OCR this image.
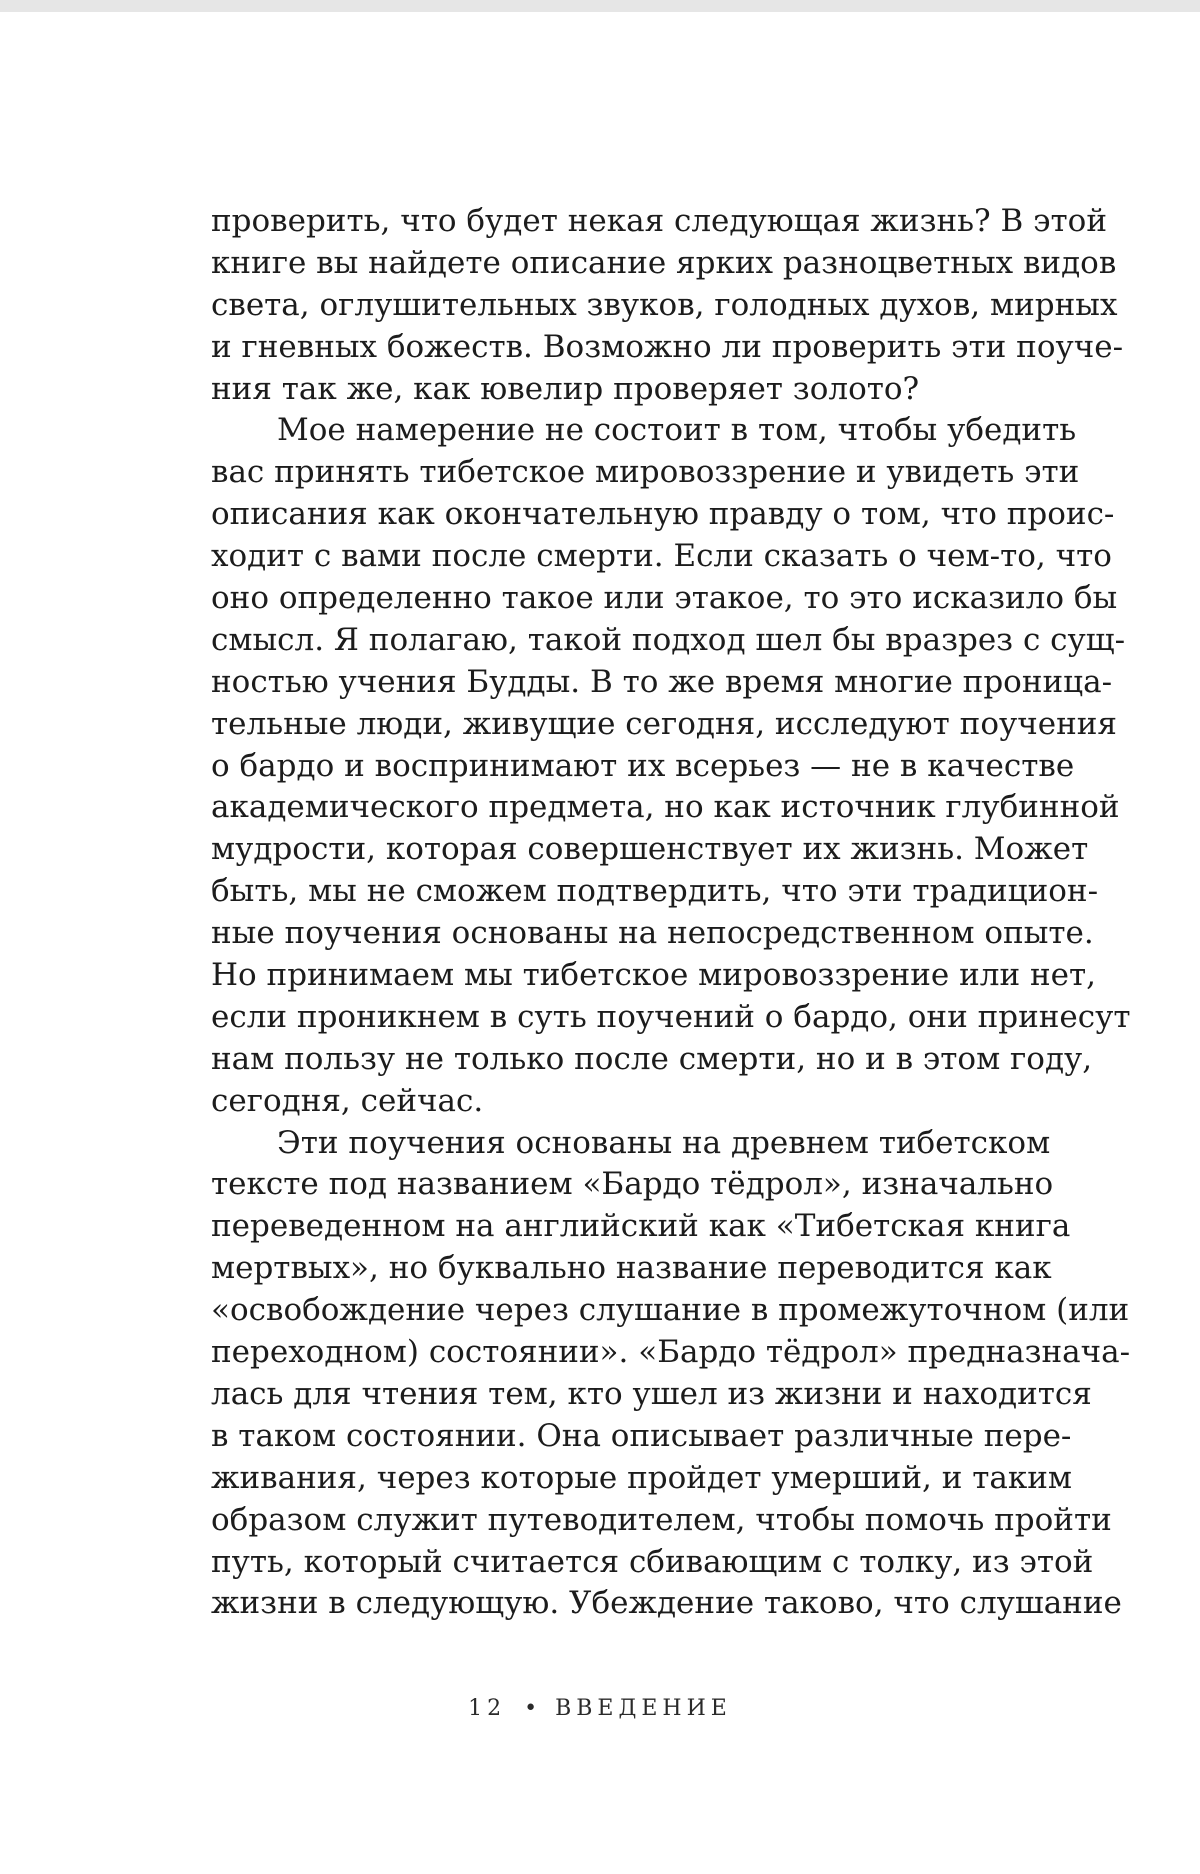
проверить, что будет некая следующая жизнь? В этой
книге вы найдете описание ярких разноцветных видов
света, оглушительных звуков, голодных духов, мирных
и гневных божеств. Возможно ли проверить эти поуче-
ния так же, как ювелир проверяет золото?
Мое намерение не состоит в том, чтобы убедить
вас принять тибетское мировоззрение и увидеть эти
описания как окончательную правду о том, что проис-
ходит с вами после смерти. Если сказать о чем-то, что
оно определенно такое или этакое, то это исказило бы
смысл. Я полагаю, такой подход шел бы вразрез с сущ-
ностью учения Будды. В то же время многие проница-
тельные люди, живущие сегодня, исследуют поучения
о бардо и воспринимают их всерьез — не в качестве
академического предмета, но как источник глубинной
мудрости, которая совершенствует их жизнь. Может
быть, мы не сможем подтвердить, что эти традицион-
ные поучения основаны на непосредственном опыте.
Но принимаем мы тибетское мировоззрение или нет,
если проникнем в суть поучений о бардо, они принесут
нам пользу не только после смерти, но и в этом году,
сегодня, сейчас.
Эти поучения основаны на древнем тибетском
тексте под названием «Бардо тёдрол», изначально
переведенном на английский как «Тибетская книга
мертвых», но буквально название переводится как
«освобождение через слушание в промежуточном (или
переходном) состоянии». «Бардо тёдрол» предназнача-
лась для чтения тем, кто ушел из жизни и находится
в таком состоянии. Она описывает различные пере-
живания, через которые пройдет умерший, и таким
образом служит путеводителем, чтобы помочь пройти
путь, который считается сбивающим с толку, из этой
жизни в следующую. Убеждение таково, что слушание
12 • ВВЕДЕНИЕ
